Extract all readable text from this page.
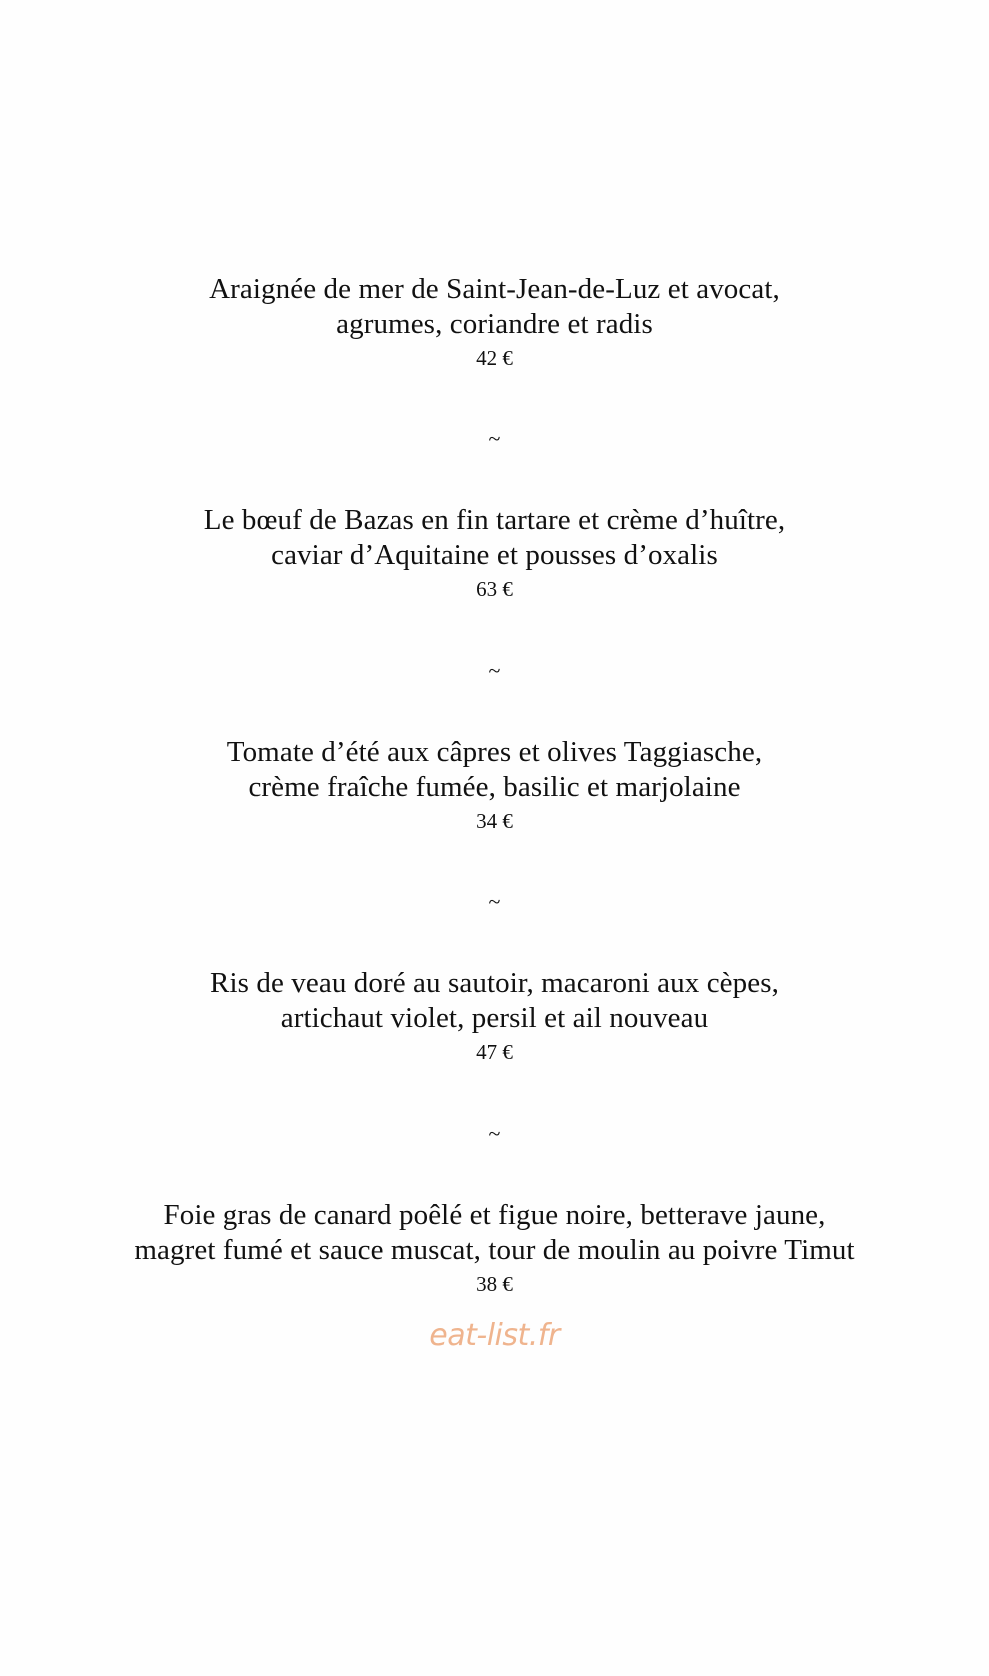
Araignée de mer de Saint-Jean-de-Luz et avocat,
agrumes, coriandre et radis
42 €
~
Le bœuf de Bazas en fin tartare et crème d’huître,
caviar d’Aquitaine et pousses d’oxalis
63 €
~
Tomate d’été aux câpres et olives Taggiasche,
crème fraîche fumée, basilic et marjolaine
34 €
~
Ris de veau doré au sautoir, macaroni aux cèpes,
artichaut violet, persil et ail nouveau
47 €
~
Foie gras de canard poêlé et figue noire, betterave jaune,
magret fumé et sauce muscat, tour de moulin au poivre Timut
38 €
eat-list.fr
